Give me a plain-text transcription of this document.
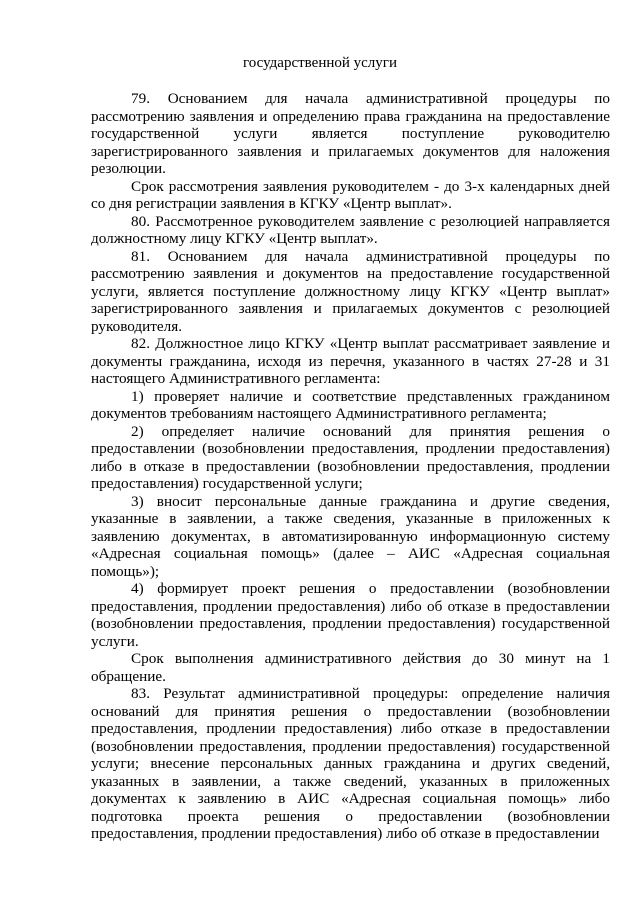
государственной услуги

79. Основанием для начала административной процедуры по рассмотрению заявления и определению права гражданина на предоставление государственной услуги является поступление руководителю зарегистрированного заявления и прилагаемых документов для наложения резолюции.

Срок рассмотрения заявления руководителем - до 3-х календарных дней со дня регистрации заявления в КГКУ «Центр выплат».

80. Рассмотренное руководителем заявление с резолюцией направляется должностному лицу КГКУ «Центр выплат».

81. Основанием для начала административной процедуры по рассмотрению заявления и документов на предоставление государственной услуги, является поступление должностному лицу КГКУ «Центр выплат» зарегистрированного заявления и прилагаемых документов с резолюцией руководителя.

82. Должностное лицо КГКУ «Центр выплат рассматривает заявление и документы гражданина, исходя из перечня, указанного в частях 27-28 и 31 настоящего Административного регламента:

1) проверяет наличие и соответствие представленных гражданином документов требованиям настоящего Административного регламента;

2) определяет наличие оснований для принятия решения о предоставлении (возобновлении предоставления, продлении предоставления) либо в отказе в предоставлении (возобновлении предоставления, продлении предоставления) государственной услуги;

3) вносит персональные данные гражданина и другие сведения, указанные в заявлении, а также сведения, указанные в приложенных к заявлению документах, в автоматизированную информационную систему «Адресная социальная помощь» (далее – АИС «Адресная социальная помощь»);

4) формирует проект решения о предоставлении (возобновлении предоставления, продлении предоставления) либо об отказе в предоставлении (возобновлении предоставления, продлении предоставления) государственной услуги.

Срок выполнения административного действия до 30 минут на 1 обращение.

83. Результат административной процедуры: определение наличия оснований для принятия решения о предоставлении (возобновлении предоставления, продлении предоставления) либо отказе в предоставлении (возобновлении предоставления, продлении предоставления) государственной услуги; внесение персональных данных гражданина и других сведений, указанных в заявлении, а также сведений, указанных в приложенных документах к заявлению в АИС «Адресная социальная помощь» либо подготовка проекта решения о предоставлении (возобновлении предоставления, продлении предоставления) либо об отказе в предоставлении
